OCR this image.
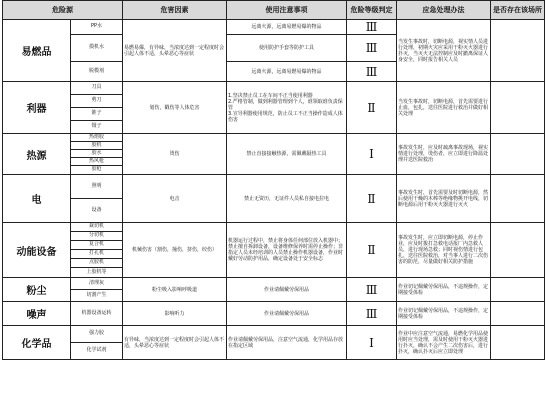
危险源		危害因素	使用注意事项	危险等级判定	应急处理办法	是否存在该场所
易燃品	PP水	易燃易爆，有异味，当浓度达到一定程度时会引起人体不适，头晕恶心等症状	远离火源，远离易燃易爆的物品	Ⅲ	当发生事故时，切断电源，视实情人员进行处理，初期火灾应采用干粉灭火器进行扑灭，当灭火无法控制应及时撤离保证人身安全，同时报告相关人员	
	摸机水		使用防护手套等防护工具	Ⅲ		
	脱模剂		远离火源，远离易燃易爆的物品	Ⅲ		
利器	刀具	划伤，戳伤等人体危害	1.坚决禁止员工在车间不正当使用利器
2.严格管制，做到利器管理到个人，谁领取谁负责保管
3.宣导利器使用规范，防止员工不正当操作造成人体伤害	Ⅱ	当发生事故时，切断电源，首先需要进行止血，包扎，送往医院进行救治并做好相关处理	
	剪刀					
	锥子					
	镊子					
热源	热熔胶	烫伤	禁止直接接触热源，需佩戴隔热工具	Ⅰ	事故发生时，应及时疏离事故现场，视实情进行处理，烫伤者，应立即进行降温处理并送医院救治	
	胶机					
	胶水					
	热风枪					
	胶枪					
电	照明	电击	禁止无资历，无证件人员私自接电拉电	Ⅱ	事故发生时，首先需要及时切断电源，然后使用干燥的木棒等绝缘物挑开电线，切断电源后用干粉灭火器进行灭火	
	设备					
动能设备	裁切机	机械伤害（割伤，撞伤，挤伤，绞伤）	机器运行过程中，禁止将身体任何部位放入机器中；禁止擅自拆卸设备，设备维修保养时需停止操作；非指定人员未经培训的人员禁止操作机器设备，作业时戴好劳动防护用品，确定设备处于安全标志	Ⅱ	事故发生时，应立即切断电源，停止作业，应及时拨打急救电话报厂内急救人员，进行现场急救；同时视伤情进行包扎，送往医院救治，对当事人进行二次伤害的防范，尽量做好相关防护措施	
	分切机					
	复合机					
	打孔机					
	点胶机					
	上胶机等					
粉尘	清理灰	粉尘吸入影响呼吸道	作业请佩戴劳保用品	Ⅲ	作业切记佩戴劳保用品，不违规操作，定期接受体检	
	切割产生					
噪声	机器设备运转	影响听力	作业请佩戴劳保用品	Ⅲ	作业切记佩戴劳保用品，不违规操作，定期接受体检	
化学品	强力胶	有异味，当浓度达到一定程度时会引起人体不适，头晕恶心等症状	作业请佩戴劳保用品，注意空气流通，化学用品存放在指定区域	Ⅰ	作业中应注意空气流通，易燃化学用品使用时应当处理，需及时使用干粉灭火器进行扑灭，确认不会产生二次伤害后，进行扑灭，确认扑灭后应立即处理	
	化学试剂					
